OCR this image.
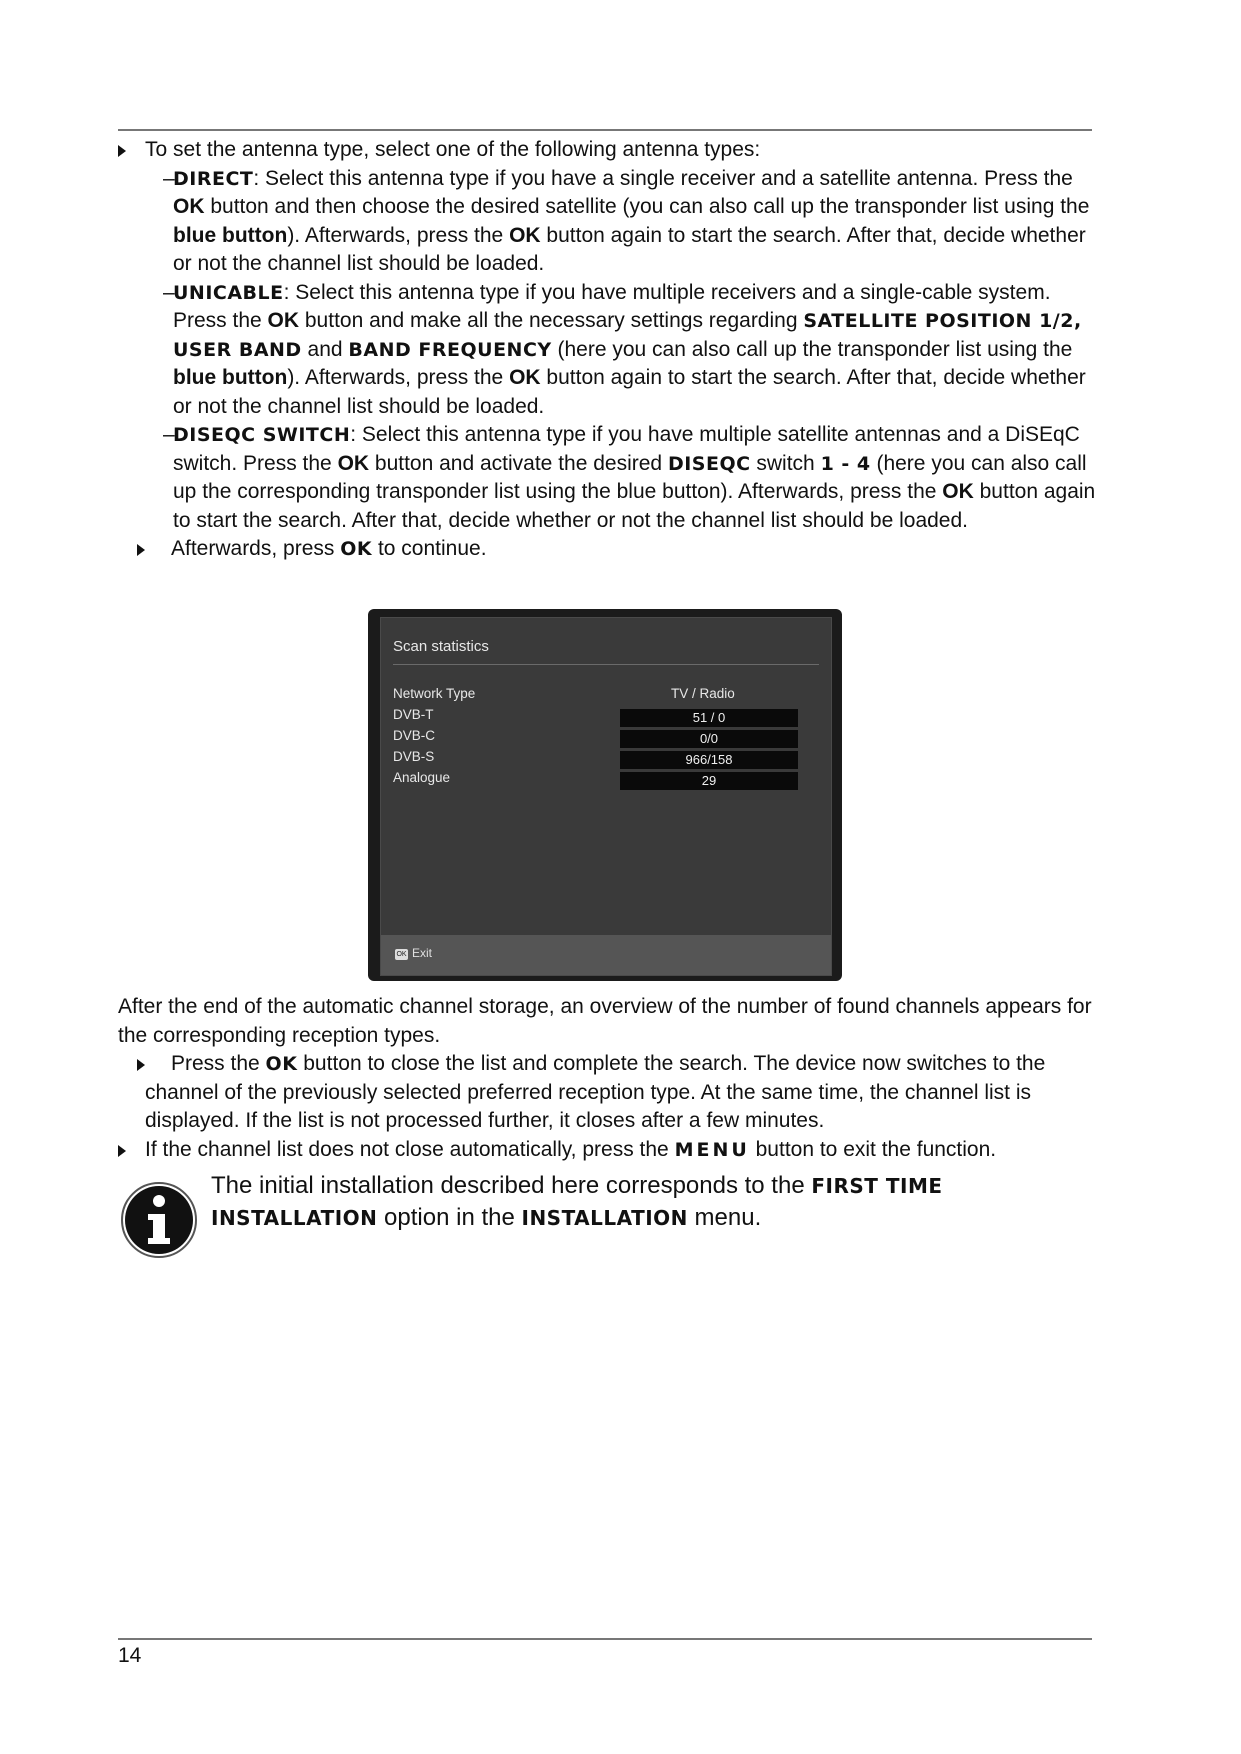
To set the antenna type, select one of the following antenna types:
–
DIRECT: Select this antenna type if you have a single receiver and a satellite antenna. Press the OK button and then choose the desired satellite (you can also call up the transponder list using the blue button). Afterwards, press the OK button again to start the search. After that, decide whether or not the channel list should be loaded.
–
UNICABLE: Select this antenna type if you have multiple receivers and a single-cable system. Press the OK button and make all the necessary settings regarding SATELLITE POSITION 1/2, USER BAND and BAND FREQUENCY (here you can also call up the transponder list using the blue button). Afterwards, press the OK button again to start the search. After that, decide whether or not the channel list should be loaded.
–
DISEQC SWITCH: Select this antenna type if you have multiple satellite antennas and a DiSEqC switch. Press the OK button and activate the desired DISEQC switch 1 - 4 (here you can also call up the corresponding transponder list using the blue button). Afterwards, press the OK button again to start the search. After that, decide whether or not the channel list should be loaded.
Afterwards, press OK to continue.
Scan statistics
Network Type	TV / Radio
DVB-T	51 / 0
DVB-C	0/0
DVB-S	966/158
Analogue	29
OK Exit
After the end of the automatic channel storage, an overview of the number of found channels appears for the corresponding reception types.
Press the OK button to close the list and complete the search. The device now switches to the channel of the previously selected preferred reception type. At the same time, the channel list is displayed. If the list is not processed further, it closes after a few minutes.
If the channel list does not close automatically, press the MENU button to exit the function.
The initial installation described here corresponds to the FIRST TIME INSTALLATION option in the INSTALLATION menu.
14
